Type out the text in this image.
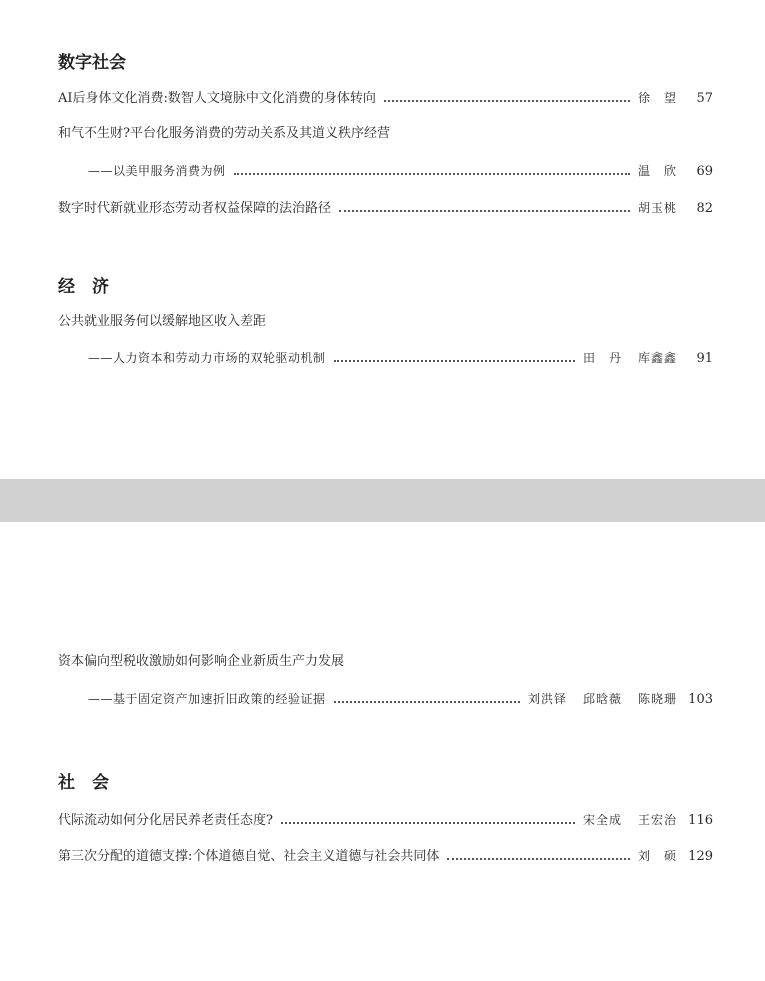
数字社会
AI后身体文化消费:数智人文境脉中文化消费的身体转向	徐　望	57
和气不生财?平台化服务消费的劳动关系及其道义秩序经营
——以美甲服务消费为例	温　欣	69
数字时代新就业形态劳动者权益保障的法治路径	胡玉桃	82
经　济
公共就业服务何以缓解地区收入差距
——人力资本和劳动力市场的双轮驱动机制	田　丹 库鑫鑫	91
资本偏向型税收激励如何影响企业新质生产力发展
——基于固定资产加速折旧政策的经验证据	刘洪铎 邱晗薇 陈晓珊 103
社　会
代际流动如何分化居民养老责任态度?	宋全成 王宏治 116
第三次分配的道德支撑:个体道德自觉、社会主义道德与社会共同体	刘　硕 129
